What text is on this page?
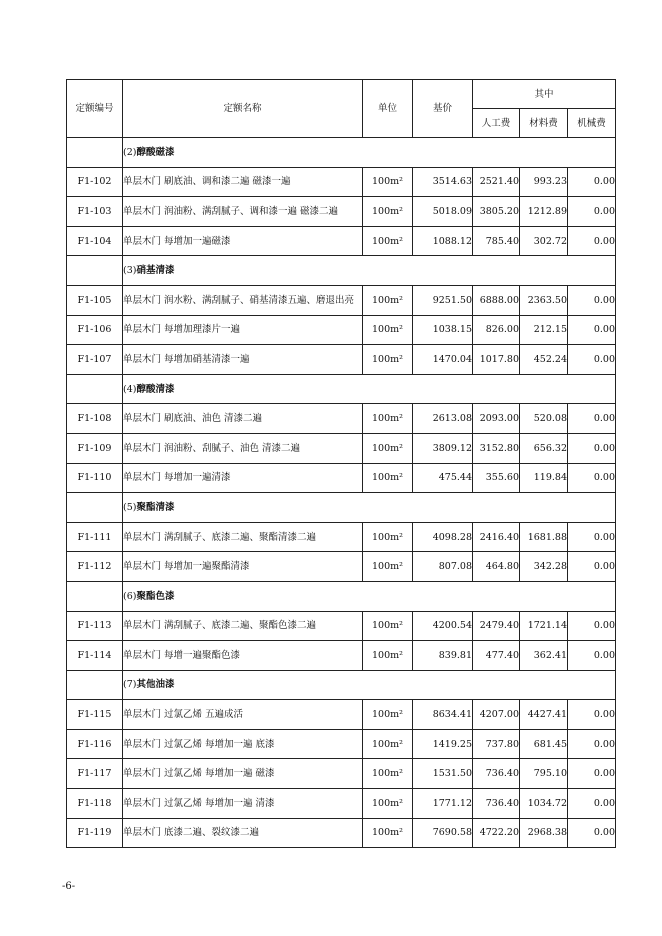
定额编号	定额名称	单位	基价	其中		
				人工费	材料费	机械费
	(2)醇酸磁漆					
F1-102	单层木门 刷底油、调和漆二遍 磁漆一遍	100m²	3514.63	2521.40	993.23	0.00
F1-103	单层木门 润油粉、满刮腻子、调和漆一遍 磁漆二遍	100m²	5018.09	3805.20	1212.89	0.00
F1-104	单层木门 每增加一遍磁漆	100m²	1088.12	785.40	302.72	0.00
	(3)硝基清漆					
F1-105	单层木门 润水粉、满刮腻子、硝基清漆五遍、磨退出亮	100m²	9251.50	6888.00	2363.50	0.00
F1-106	单层木门 每增加理漆片一遍	100m²	1038.15	826.00	212.15	0.00
F1-107	单层木门 每增加硝基清漆一遍	100m²	1470.04	1017.80	452.24	0.00
	(4)醇酸清漆					
F1-108	单层木门 刷底油、油色 清漆二遍	100m²	2613.08	2093.00	520.08	0.00
F1-109	单层木门 润油粉、刮腻子、油色 清漆二遍	100m²	3809.12	3152.80	656.32	0.00
F1-110	单层木门 每增加一遍清漆	100m²	475.44	355.60	119.84	0.00
	(5)聚酯清漆					
F1-111	单层木门 满刮腻子、底漆二遍、聚酯清漆二遍	100m²	4098.28	2416.40	1681.88	0.00
F1-112	单层木门 每增加一遍聚酯清漆	100m²	807.08	464.80	342.28	0.00
	(6)聚酯色漆					
F1-113	单层木门 满刮腻子、底漆二遍、聚酯色漆二遍	100m²	4200.54	2479.40	1721.14	0.00
F1-114	单层木门 每增一遍聚酯色漆	100m²	839.81	477.40	362.41	0.00
	(7)其他油漆					
F1-115	单层木门 过氯乙烯 五遍成活	100m²	8634.41	4207.00	4427.41	0.00
F1-116	单层木门 过氯乙烯 每增加一遍 底漆	100m²	1419.25	737.80	681.45	0.00
F1-117	单层木门 过氯乙烯 每增加一遍 磁漆	100m²	1531.50	736.40	795.10	0.00
F1-118	单层木门 过氯乙烯 每增加一遍 清漆	100m²	1771.12	736.40	1034.72	0.00
F1-119	单层木门 底漆二遍、裂纹漆二遍	100m²	7690.58	4722.20	2968.38	0.00
-6-
